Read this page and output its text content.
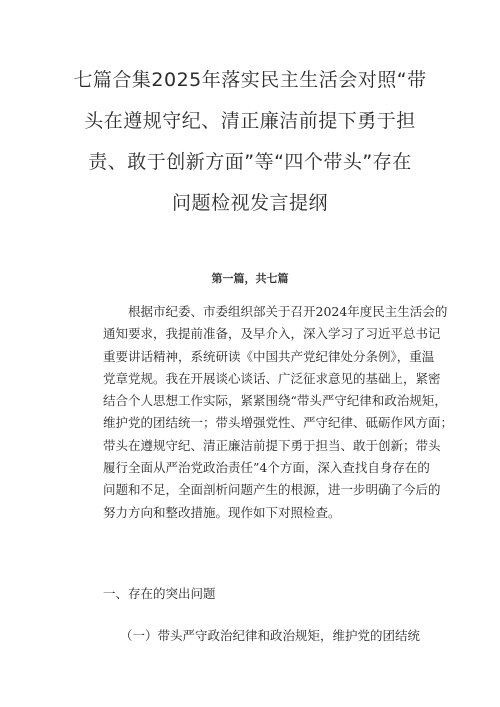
七篇合集2025年落实民主生活会对照“带
头在遵规守纪、清正廉洁前提下勇于担
责、敢于创新方面”等“四个带头”存在
问题检视发言提纲
第一篇，共七篇
根据市纪委、市委组织部关于召开2024年度民主生活会的
通知要求，我提前准备，及早介入，深入学习了习近平总书记
重要讲话精神，系统研读《中国共产党纪律处分条例》，重温
党章党规。我在开展谈心谈话、广泛征求意见的基础上，紧密
结合个人思想工作实际，紧紧围绕“带头严守纪律和政治规矩，
维护党的团结统一；带头增强党性、严守纪律、砥砺作风方面；
带头在遵规守纪、清正廉洁前提下勇于担当、敢于创新；带头
履行全面从严治党政治责任”4个方面，深入查找自身存在的
问题和不足，全面剖析问题产生的根源，进一步明确了今后的
努力方向和整改措施。现作如下对照检查。
一、存在的突出问题
（一）带头严守政治纪律和政治规矩，维护党的团结统
